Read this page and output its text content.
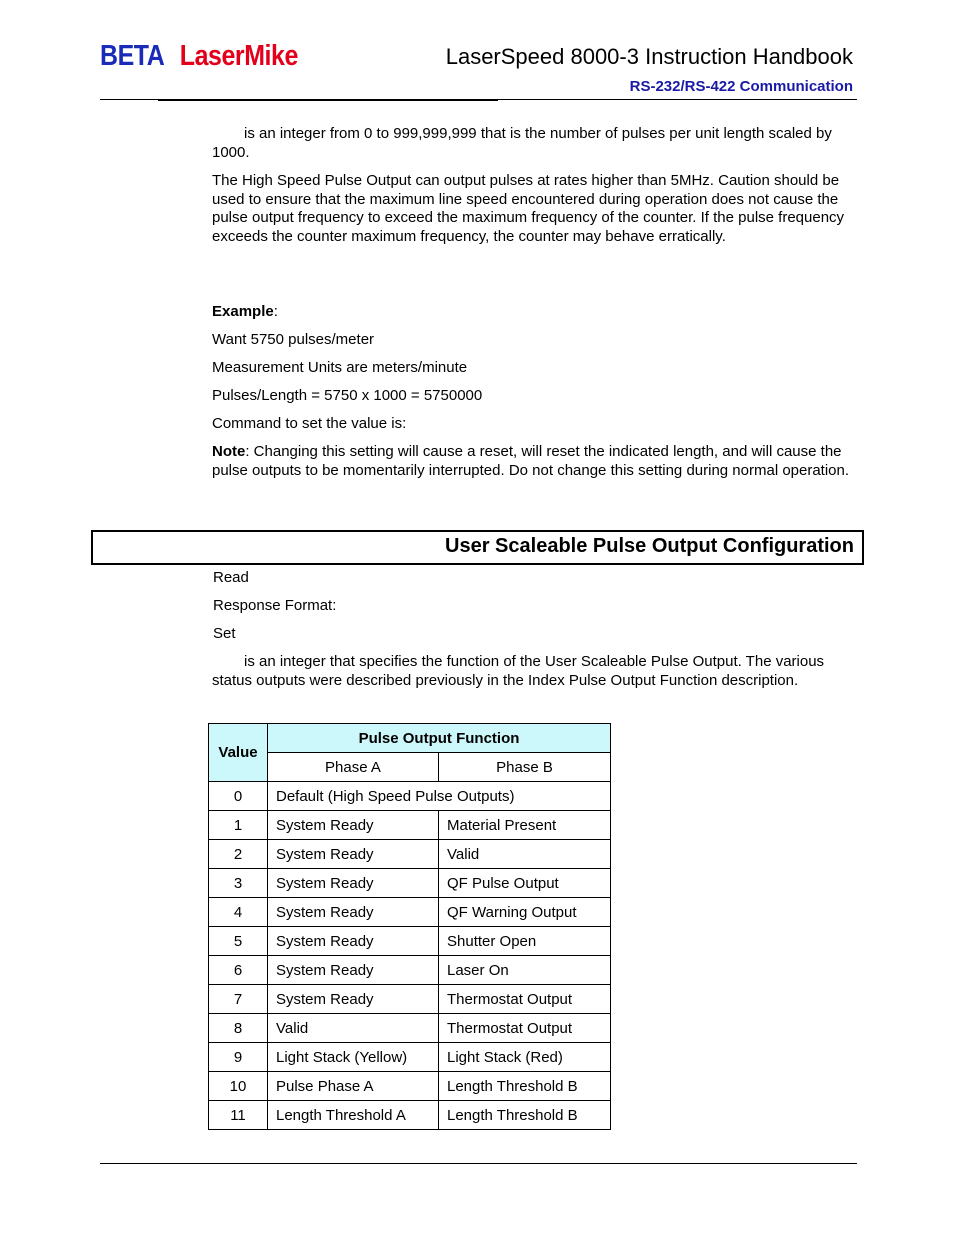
BETA LaserMike	LaserSpeed 8000-3 Instruction Handbook
RS-232/RS-422 Communication

is an integer from 0 to 999,999,999 that is the number of pulses per unit length scaled by 1000.

The High Speed Pulse Output can output pulses at rates higher than 5MHz. Caution should be used to ensure that the maximum line speed encountered during operation does not cause the pulse output frequency to exceed the maximum frequency of the counter. If the pulse frequency exceeds the counter maximum frequency, the counter may behave erratically.

Example:

Want 5750 pulses/meter

Measurement Units are meters/minute

Pulses/Length = 5750 x 1000 = 5750000

Command to set the value is:

Note: Changing this setting will cause a reset, will reset the indicated length, and will cause the pulse outputs to be momentarily interrupted. Do not change this setting during normal operation.

User Scaleable Pulse Output Configuration

Read

Response Format:

Set

is an integer that specifies the function of the User Scaleable Pulse Output. The various status outputs were described previously in the Index Pulse Output Function description.

Value	Pulse Output Function	
	Phase A	Phase B
0	Default (High Speed Pulse Outputs)	
1	System Ready	Material Present
2	System Ready	Valid
3	System Ready	QF Pulse Output
4	System Ready	QF Warning Output
5	System Ready	Shutter Open
6	System Ready	Laser On
7	System Ready	Thermostat Output
8	Valid	Thermostat Output
9	Light Stack (Yellow)	Light Stack (Red)
10	Pulse Phase A	Length Threshold B
11	Length Threshold A	Length Threshold B
